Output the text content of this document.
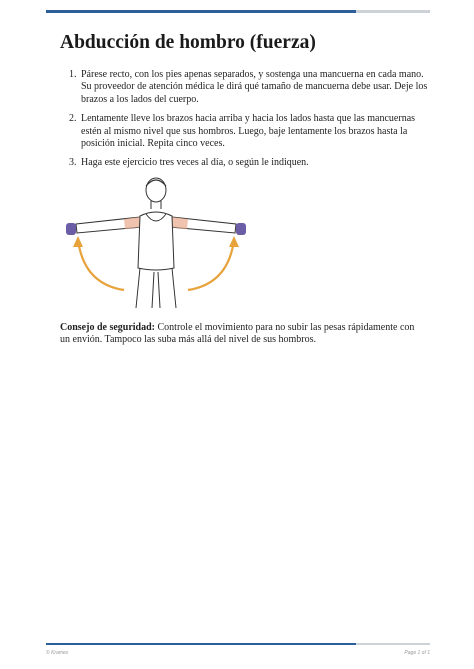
Abducción de hombro (fuerza)
1. Párese recto, con los pies apenas separados, y sostenga una mancuerna en cada mano. Su proveedor de atención médica le dirá qué tamaño de mancuerna debe usar. Deje los brazos a los lados del cuerpo.
2. Lentamente lleve los brazos hacia arriba y hacia los lados hasta que las mancuernas estén al mismo nivel que sus hombros. Luego, baje lentamente los brazos hasta la posición inicial. Repita cinco veces.
3. Haga este ejercicio tres veces al día, o según le indiquen.

Consejo de seguridad: Controle el movimiento para no subir las pesas rápidamente con un envión. Tampoco las suba más allá del nivel de sus hombros.

© Krames	Page 1 of 1
